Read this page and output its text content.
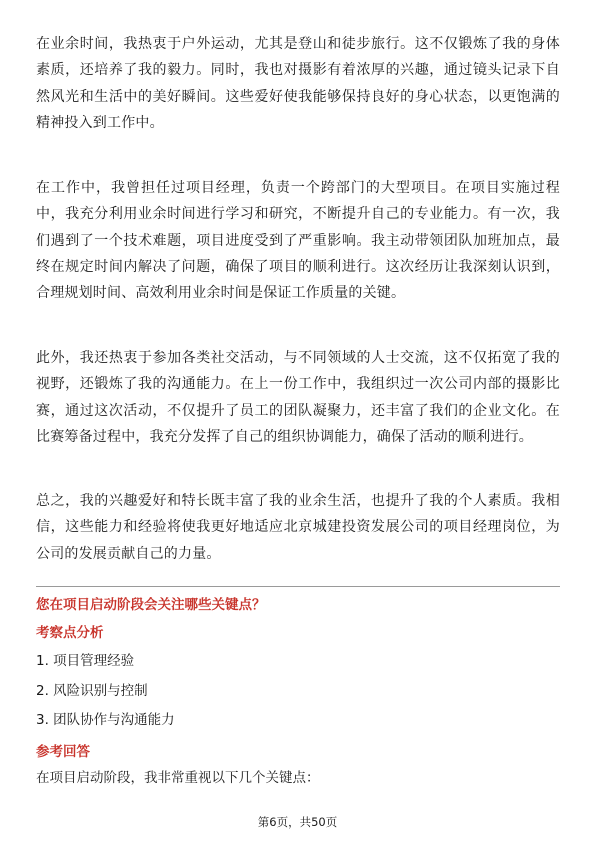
在业余时间，我热衷于户外运动，尤其是登山和徒步旅行。这不仅锻炼了我的身体素质，还培养了我的毅力。同时，我也对摄影有着浓厚的兴趣，通过镜头记录下自然风光和生活中的美好瞬间。这些爱好使我能够保持良好的身心状态，以更饱满的精神投入到工作中。

在工作中，我曾担任过项目经理，负责一个跨部门的大型项目。在项目实施过程中，我充分利用业余时间进行学习和研究，不断提升自己的专业能力。有一次，我们遇到了一个技术难题，项目进度受到了严重影响。我主动带领团队加班加点，最终在规定时间内解决了问题，确保了项目的顺利进行。这次经历让我深刻认识到，合理规划时间、高效利用业余时间是保证工作质量的关键。

此外，我还热衷于参加各类社交活动，与不同领域的人士交流，这不仅拓宽了我的视野，还锻炼了我的沟通能力。在上一份工作中，我组织过一次公司内部的摄影比赛，通过这次活动，不仅提升了员工的团队凝聚力，还丰富了我们的企业文化。在比赛筹备过程中，我充分发挥了自己的组织协调能力，确保了活动的顺利进行。

总之，我的兴趣爱好和特长既丰富了我的业余生活，也提升了我的个人素质。我相信，这些能力和经验将使我更好地适应北京城建投资发展公司的项目经理岗位，为公司的发展贡献自己的力量。

您在项目启动阶段会关注哪些关键点？

考察点分析

1. 项目管理经验
2. 风险识别与控制
3. 团队协作与沟通能力

参考回答

在项目启动阶段，我非常重视以下几个关键点：

第6页，共50页
